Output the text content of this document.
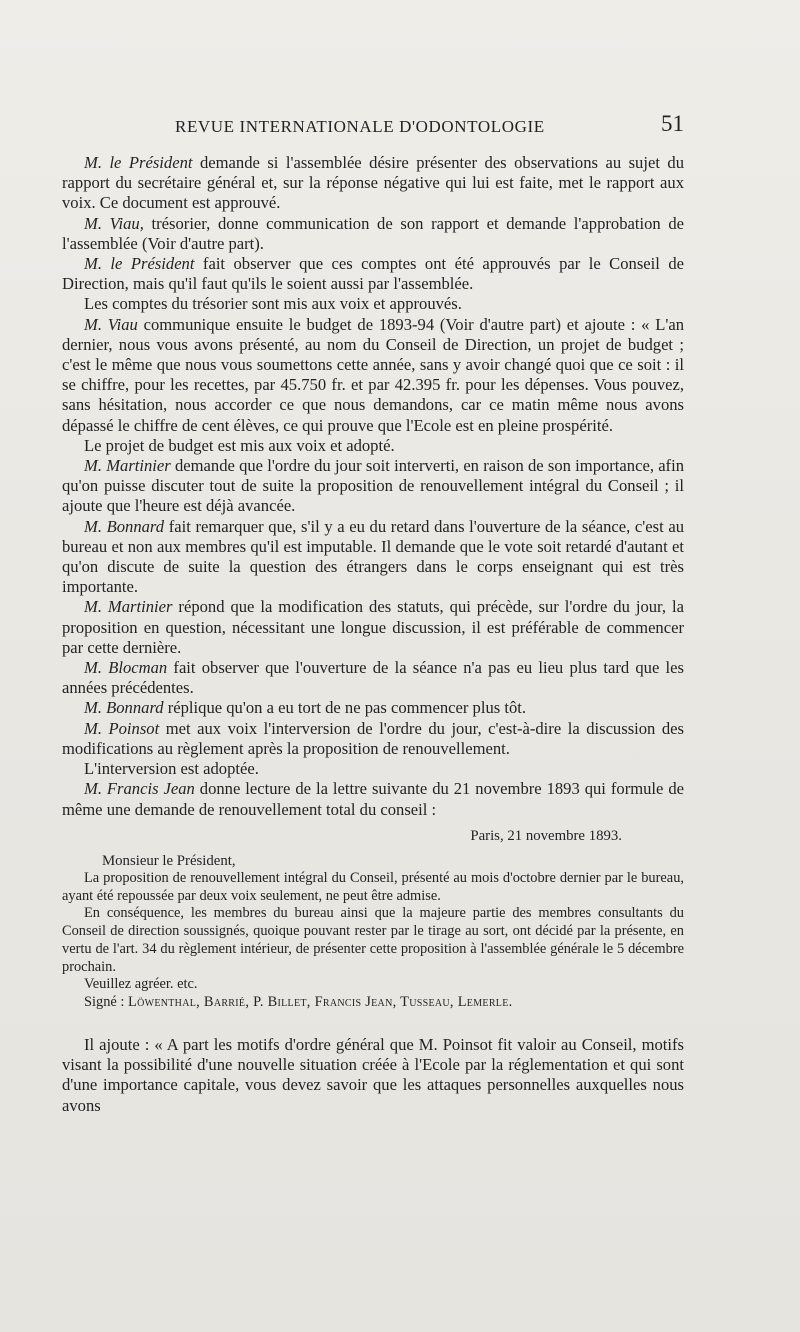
REVUE INTERNATIONALE D'ODONTOLOGIE	51

M. le Président demande si l'assemblée désire présenter des observations au sujet du rapport du secrétaire général et, sur la réponse négative qui lui est faite, met le rapport aux voix. Ce document est approuvé.

M. Viau, trésorier, donne communication de son rapport et demande l'approbation de l'assemblée (Voir d'autre part).

M. le Président fait observer que ces comptes ont été approuvés par le Conseil de Direction, mais qu'il faut qu'ils le soient aussi par l'assemblée.

Les comptes du trésorier sont mis aux voix et approuvés.

M. Viau communique ensuite le budget de 1893-94 (Voir d'autre part) et ajoute : « L'an dernier, nous vous avons présenté, au nom du Conseil de Direction, un projet de budget ; c'est le même que nous vous soumettons cette année, sans y avoir changé quoi que ce soit : il se chiffre, pour les recettes, par 45.750 fr. et par 42.395 fr. pour les dépenses. Vous pouvez, sans hésitation, nous accorder ce que nous demandons, car ce matin même nous avons dépassé le chiffre de cent élèves, ce qui prouve que l'Ecole est en pleine prospérité.

Le projet de budget est mis aux voix et adopté.

M. Martinier demande que l'ordre du jour soit interverti, en raison de son importance, afin qu'on puisse discuter tout de suite la proposition de renouvellement intégral du Conseil ; il ajoute que l'heure est déjà avancée.

M. Bonnard fait remarquer que, s'il y a eu du retard dans l'ouverture de la séance, c'est au bureau et non aux membres qu'il est imputable. Il demande que le vote soit retardé d'autant et qu'on discute de suite la question des étrangers dans le corps enseignant qui est très importante.

M. Martinier répond que la modification des statuts, qui précède, sur l'ordre du jour, la proposition en question, nécessitant une longue discussion, il est préférable de commencer par cette dernière.

M. Blocman fait observer que l'ouverture de la séance n'a pas eu lieu plus tard que les années précédentes.

M. Bonnard réplique qu'on a eu tort de ne pas commencer plus tôt.

M. Poinsot met aux voix l'interversion de l'ordre du jour, c'est-à-dire la discussion des modifications au règlement après la proposition de renouvellement.

L'interversion est adoptée.

M. Francis Jean donne lecture de la lettre suivante du 21 novembre 1893 qui formule de même une demande de renouvellement total du conseil :

Paris, 21 novembre 1893.

Monsieur le Président,

La proposition de renouvellement intégral du Conseil, présenté au mois d'octobre dernier par le bureau, ayant été repoussée par deux voix seulement, ne peut être admise.

En conséquence, les membres du bureau ainsi que la majeure partie des membres consultants du Conseil de direction soussignés, quoique pouvant rester par le tirage au sort, ont décidé par la présente, en vertu de l'art. 34 du règlement intérieur, de présenter cette proposition à l'assemblée générale le 5 décembre prochain.

Veuillez agréer. etc.

Signé : Löwenthal, Barrié, P. Billet, Francis Jean, Tusseau, Lemerle.

Il ajoute : « A part les motifs d'ordre général que M. Poinsot fit valoir au Conseil, motifs visant la possibilité d'une nouvelle situation créée à l'Ecole par la réglementation et qui sont d'une importance capitale, vous devez savoir que les attaques personnelles auxquelles nous avons
